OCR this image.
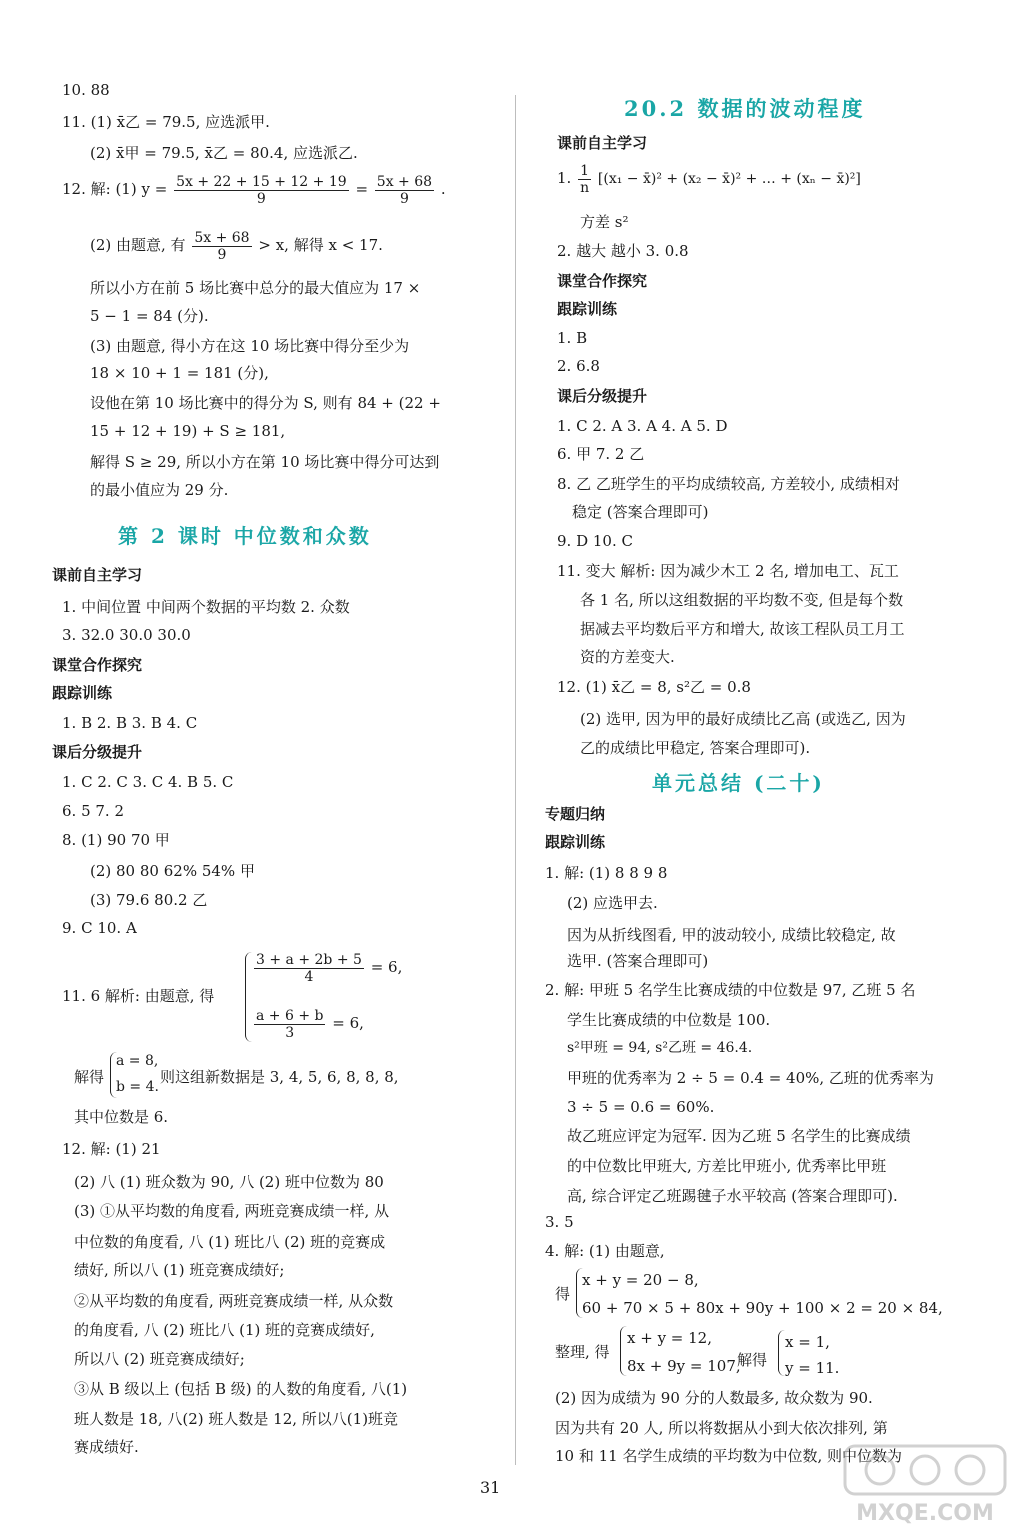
10. 88
11. (1) x̄乙 = 79.5, 应选派甲.
(2) x̄甲 = 79.5, x̄乙 = 80.4, 应选派乙.
12. 解: (1) $y = \frac{5x + 22 + 15 + 12 + 19}{9} = \frac{5x + 68}{9}$ .
(2) 由题意, 有 $\frac{5x + 68}{9} > x$, 解得 x < 17.
所以小方在前 5 场比赛中总分的最大值应为 17 ×
5 − 1 = 84 (分).
(3) 由题意, 得小方在这 10 场比赛中得分至少为
18 × 10 + 1 = 181 (分),
设他在第 10 场比赛中的得分为 S, 则有 84 + (22 +
15 + 12 + 19) + S ≥ 181,
解得 S ≥ 29, 所以小方在第 10 场比赛中得分可达到
的最小值应为 29 分.
第 2 课时 中位数和众数
课前自主学习
1. 中间位置 中间两个数据的平均数 2. 众数
3. 32.0 30.0 30.0
课堂合作探究
跟踪训练
1. B 2. B 3. B 4. C
课后分级提升
1. C 2. C 3. C 4. B 5. C
6. 5 7. 2
8. (1) 90 70 甲
(2) 80 80 62% 54% 甲
(3) 79.6 80.2 乙
9. C 10. A
11. 6 解析: 由题意, 得
$\frac{3 + a + 2b + 5}{4} = 6$,
$\frac{a + 6 + b}{3} = 6$,
解得
a = 8,
b = 4.
则这组新数据是 3, 4, 5, 6, 8, 8, 8,
其中位数是 6.
12. 解: (1) 21
(2) 八 (1) 班众数为 90, 八 (2) 班中位数为 80
(3) ①从平均数的角度看, 两班竞赛成绩一样, 从
中位数的角度看, 八 (1) 班比八 (2) 班的竞赛成
绩好, 所以八 (1) 班竞赛成绩好;
②从平均数的角度看, 两班竞赛成绩一样, 从众数
的角度看, 八 (2) 班比八 (1) 班的竞赛成绩好,
所以八 (2) 班竞赛成绩好;
③从 B 级以上 (包括 B 级) 的人数的角度看, 八(1)
班人数是 18, 八(2) 班人数是 12, 所以八(1)班竞
赛成绩好.
20.2 数据的波动程度
课前自主学习
1. $\frac{1}{n} [(x_1$ − x̄)² + (x₂ − x̄)² + … + (xₙ − x̄)²]
方差 s²
2. 越大 越小 3. 0.8
课堂合作探究
跟踪训练
1. B
2. 6.8
课后分级提升
1. C 2. A 3. A 4. A 5. D
6. 甲 7. 2 乙
8. 乙 乙班学生的平均成绩较高, 方差较小, 成绩相对
稳定 (答案合理即可)
9. D 10. C
11. 变大 解析: 因为减少木工 2 名, 增加电工、瓦工
各 1 名, 所以这组数据的平均数不变, 但是每个数
据减去平均数后平方和增大, 故该工程队员工月工
资的方差变大.
12. (1) x̄乙 = 8, s²乙 = 0.8
(2) 选甲, 因为甲的最好成绩比乙高 (或选乙, 因为
乙的成绩比甲稳定, 答案合理即可).
单元总结 (二十)
专题归纳
跟踪训练
1. 解: (1) 8 8 9 8
(2) 应选甲去.
因为从折线图看, 甲的波动较小, 成绩比较稳定, 故
选甲. (答案合理即可)
2. 解: 甲班 5 名学生比赛成绩的中位数是 97, 乙班 5 名
学生比赛成绩的中位数是 100.
s²甲班 = 94, s²乙班 = 46.4.
甲班的优秀率为 2 ÷ 5 = 0.4 = 40%, 乙班的优秀率为
3 ÷ 5 = 0.6 = 60%.
故乙班应评定为冠军. 因为乙班 5 名学生的比赛成绩
的中位数比甲班大, 方差比甲班小, 优秀率比甲班
高, 综合评定乙班踢毽子水平较高 (答案合理即可).
3. 5
4. 解: (1) 由题意,
得
x + y = 20 − 8,
60 + 70 × 5 + 80x + 90y + 100 × 2 = 20 × 84,
整理, 得
x + y = 12,
8x + 9y = 107,
解得
x = 1,
y = 11.
(2) 因为成绩为 90 分的人数最多, 故众数为 90.
因为共有 20 人, 所以将数据从小到大依次排列, 第
10 和 11 名学生成绩的平均数为中位数, 则中位数为
31
MXQE.COM
